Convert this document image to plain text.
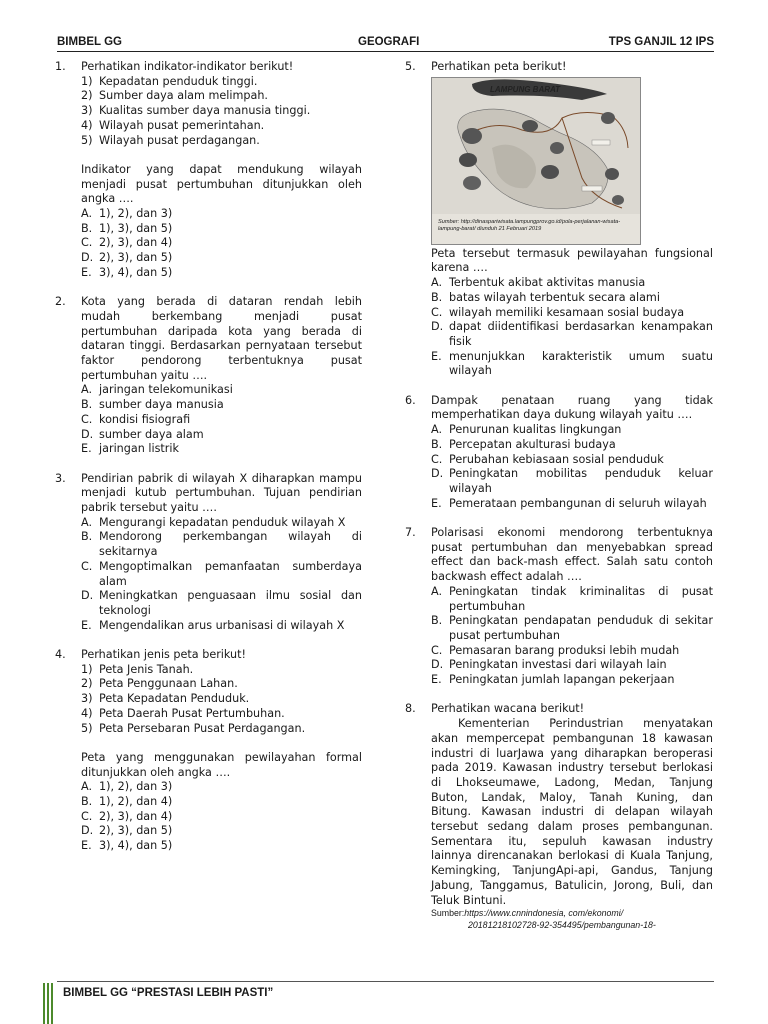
BIMBEL GG	GEOGRAFI	TPS GANJIL 12 IPS
1. Perhatikan indikator-indikator berikut!

1) Kepadatan penduduk tinggi.
2) Sumber daya alam melimpah.
3) Kualitas sumber daya manusia tinggi.
4) Wilayah pusat pemerintahan.
5) Wilayah pusat perdagangan.

Indikator yang dapat mendukung wilayah

menjadi pusat pertumbuhan ditunjukkan oleh

angka ….

A. 1), 2), dan 3)
B. 1), 3), dan 5)
C. 2), 3), dan 4)
D. 2), 3), dan 5)
E. 3), 4), dan 5)
2. Kota yang berada di dataran rendah lebih

mudah berkembang menjadi pusat

pertumbuhan daripada kota yang berada di

dataran tinggi. Berdasarkan pernyataan tersebut

faktor pendorong terbentuknya pusat

pertumbuhan yaitu ….

A. jaringan telekomunikasi
B. sumber daya manusia
C. kondisi fisiografi
D. sumber daya alam
E. jaringan listrik
3. Pendirian pabrik di wilayah X diharapkan mampu

menjadi kutub pertumbuhan. Tujuan pendirian

pabrik tersebut yaitu ….

A. Mengurangi kepadatan penduduk wilayah X
B. Mendorong perkembangan wilayah di sekitarnya
C. Mengoptimalkan pemanfaatan sumberdaya alam
D. Meningkatkan penguasaan ilmu sosial dan teknologi
E. Mengendalikan arus urbanisasi di wilayah X
4. Perhatikan jenis peta berikut!

1) Peta Jenis Tanah.
2) Peta Penggunaan Lahan.
3) Peta Kepadatan Penduduk.
4) Peta Daerah Pusat Pertumbuhan.
5) Peta Persebaran Pusat Perdagangan.

Peta yang menggunakan pewilayahan formal

ditunjukkan oleh angka ….

A. 1), 2), dan 3)
B. 1), 2), dan 4)
C. 2), 3), dan 4)
D. 2), 3), dan 5)
E. 3), 4), dan 5)
5. Perhatikan peta berikut!

LAMPUNG BARAT
Sumber: http://dinaspariwisata.lampungprov.go.id/pola-perjalanan-wisata-lampung-barat/ diunduh 21 Februari 2019

Peta tersebut termasuk pewilayahan fungsional

karena ….

A. Terbentuk akibat aktivitas manusia
B. batas wilayah terbentuk secara alami
C. wilayah memiliki kesamaan sosial budaya
D. dapat diidentifikasi berdasarkan kenampakan fisik
E. menunjukkan karakteristik umum suatu wilayah
6. Dampak penataan ruang yang tidak

memperhatikan daya dukung wilayah yaitu ….

A. Penurunan kualitas lingkungan
B. Percepatan akulturasi budaya
C. Perubahan kebiasaan sosial penduduk
D. Peningkatan mobilitas penduduk keluar wilayah
E. Pemerataan pembangunan di seluruh wilayah
7. Polarisasi ekonomi mendorong terbentuknya

pusat pertumbuhan dan menyebabkan spread

effect dan back-mash effect. Salah satu contoh

backwash effect adalah ….

A. Peningkatan tindak kriminalitas di pusat pertumbuhan
B. Peningkatan pendapatan penduduk di sekitar pusat pertumbuhan
C. Pemasaran barang produksi lebih mudah
D. Peningkatan investasi dari wilayah lain
E. Peningkatan jumlah lapangan pekerjaan
8. Perhatikan wacana berikut!

Kementerian Perindustrian menyatakan

akan mempercepat pembangunan 18 kawasan

industri di luarJawa yang diharapkan beroperasi

pada 2019. Kawasan industry tersebut berlokasi

di Lhokseumawe, Ladong, Medan, Tanjung

Buton, Landak, Maloy, Tanah Kuning, dan

Bitung. Kawasan industri di delapan wilayah

tersebut sedang dalam proses pembangunan.

Sementara itu, sepuluh kawasan industry

lainnya direncanakan berlokasi di Kuala Tanjung,

Kemingking, TanjungApi-api, Gandus, Tanjung

Jabung, Tanggamus, Batulicin, Jorong, Buli, dan

Teluk Bintuni.

Sumber:https://www.cnnindonesia, com/ekonomi/

20181218102728-92-354495/pembangunan-18-

BIMBEL GG “PRESTASI LEBIH PASTI”
